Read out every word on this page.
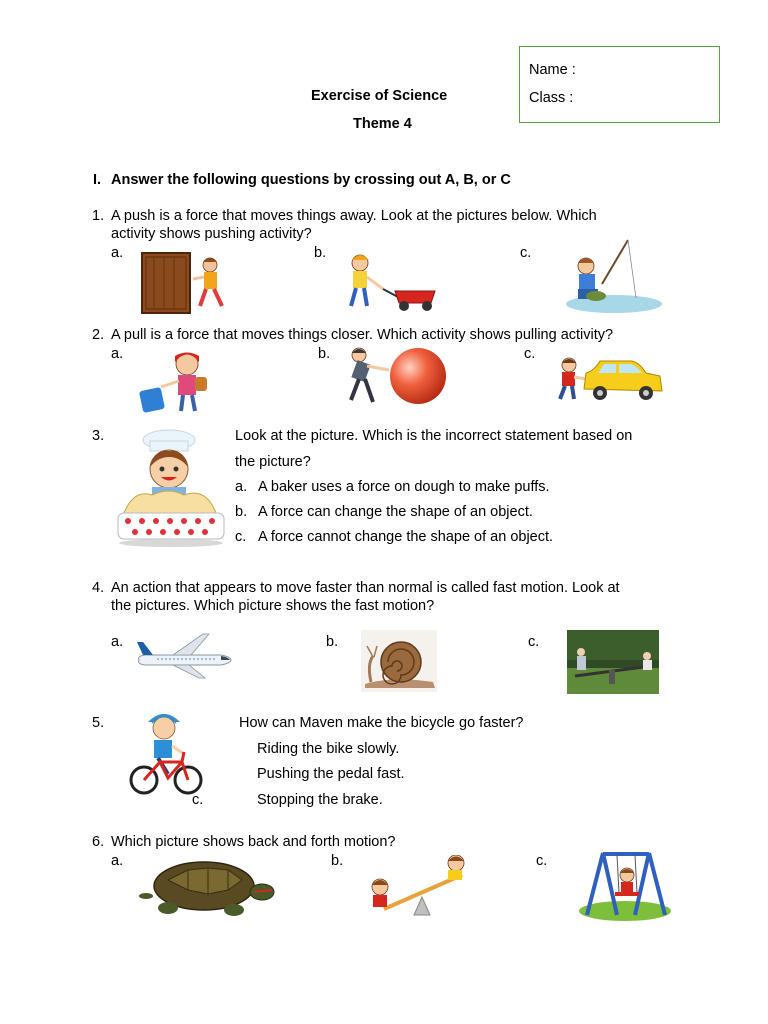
Name :
Class :
Exercise of Science
Theme 4
I. Answer the following questions by crossing out A, B, or C
1. A push is a force that moves things away. Look at the pictures below. Which
activity shows pushing activity?
a.	b.	c.
2. A pull is a force that moves things closer. Which activity shows pulling activity?
a.	b.	c.
3.	Look at the picture. Which is the incorrect statement based on
the picture?
a. A baker uses a force on dough to make puffs.
b. A force can change the shape of an object.
c. A force cannot change the shape of an object.
4. An action that appears to move faster than normal is called fast motion. Look at
the pictures. Which picture shows the fast motion?
a.	b.	c.
5.	How can Maven make the bicycle go faster?
Riding the bike slowly.
Pushing the pedal fast.
c.	Stopping the brake.
6. Which picture shows back and forth motion?
a.	b.	c.
